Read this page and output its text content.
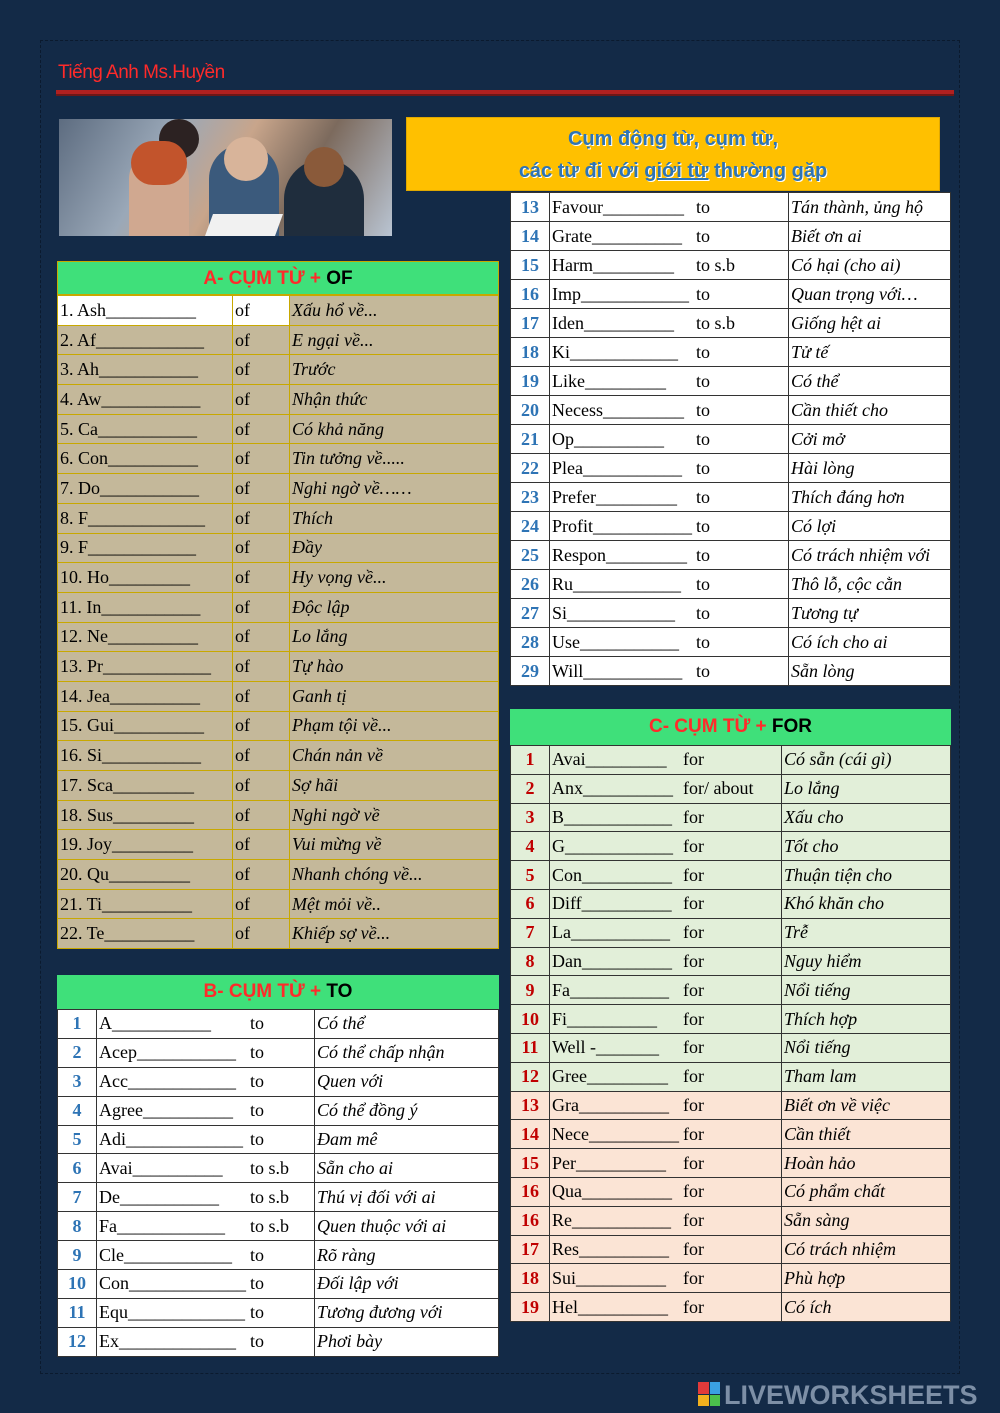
Tiếng Anh Ms.Huyền
Cụm động từ, cụm từ,
các từ đi với giới từ thường gặp
A- CỤM TỪ + OF
1. Ash__________	of	Xấu hổ về...
2. Af____________	of	E ngại về...
3. Ah___________	of	Trước
4. Aw___________	of	Nhận thức
5. Ca___________	of	Có khả năng
6. Con__________	of	Tin tưởng về.....
7. Do___________	of	Nghi ngờ về……
8. F_____________	of	Thích
9. F____________	of	Đầy
10. Ho_________	of	Hy vọng về...
11. In___________	of	Độc lập
12. Ne__________	of	Lo lắng
13. Pr____________	of	Tự hào
14. Jea__________	of	Ganh tị
15. Gui__________	of	Phạm tội về...
16. Si___________	of	Chán nản về
17. Sca_________	of	Sợ hãi
18. Sus_________	of	Nghi ngờ về
19. Joy_________	of	Vui mừng về
20. Qu_________	of	Nhanh chóng về...
21. Ti__________	of	Mệt mỏi về..
22. Te__________	of	Khiếp sợ về...
B- CỤM TỪ + TO
1	A___________	to	Có thể
2	Acep___________	to	Có thể chấp nhận
3	Acc____________	to	Quen với
4	Agree__________	to	Có thể đồng ý
5	Adi_____________	to	Đam mê
6	Avai__________	to s.b	Sẵn cho ai
7	De___________	to s.b	Thú vị đối với ai
8	Fa____________	to s.b	Quen thuộc với ai
9	Cle____________	to	Rõ ràng
10	Con_____________	to	Đối lập với
11	Equ_____________	to	Tương đương với
12	Ex_____________	to	Phơi bày
13	Favour_________	to	Tán thành, ủng hộ
14	Grate__________	to	Biết ơn ai
15	Harm_________	to s.b	Có hại (cho ai)
16	Imp____________	to	Quan trọng với…
17	Iden__________	to s.b	Giống hệt ai
18	Ki____________	to	Tử tế
19	Like_________	to	Có thể
20	Necess_________	to	Cần thiết cho
21	Op__________	to	Cởi mở
22	Plea___________	to	Hài lòng
23	Prefer_________	to	Thích đáng hơn
24	Profit___________	to	Có lợi
25	Respon_________	to	Có trách nhiệm với
26	Ru____________	to	Thô lỗ, cộc cằn
27	Si____________	to	Tương tự
28	Use___________	to	Có ích cho ai
29	Will___________	to	Sẵn lòng
C- CỤM TỪ + FOR
1	Avai_________	for	Có sẵn (cái gì)
2	Anx__________	for/ about	Lo lắng
3	B____________	for	Xấu cho
4	G____________	for	Tốt cho
5	Con__________	for	Thuận tiện cho
6	Diff__________	for	Khó khăn cho
7	La___________	for	Trễ
8	Dan__________	for	Nguy hiểm
9	Fa___________	for	Nổi tiếng
10	Fi__________	for	Thích hợp
11	Well -_______	for	Nổi tiếng
12	Gree_________	for	Tham lam
13	Gra__________	for	Biết ơn về việc
14	Nece__________	for	Cần thiết
15	Per__________	for	Hoàn hảo
16	Qua__________	for	Có phẩm chất
16	Re___________	for	Sẵn sàng
17	Res__________	for	Có trách nhiệm
18	Sui__________	for	Phù hợp
19	Hel__________	for	Có ích
LIVEWORKSHEETS
